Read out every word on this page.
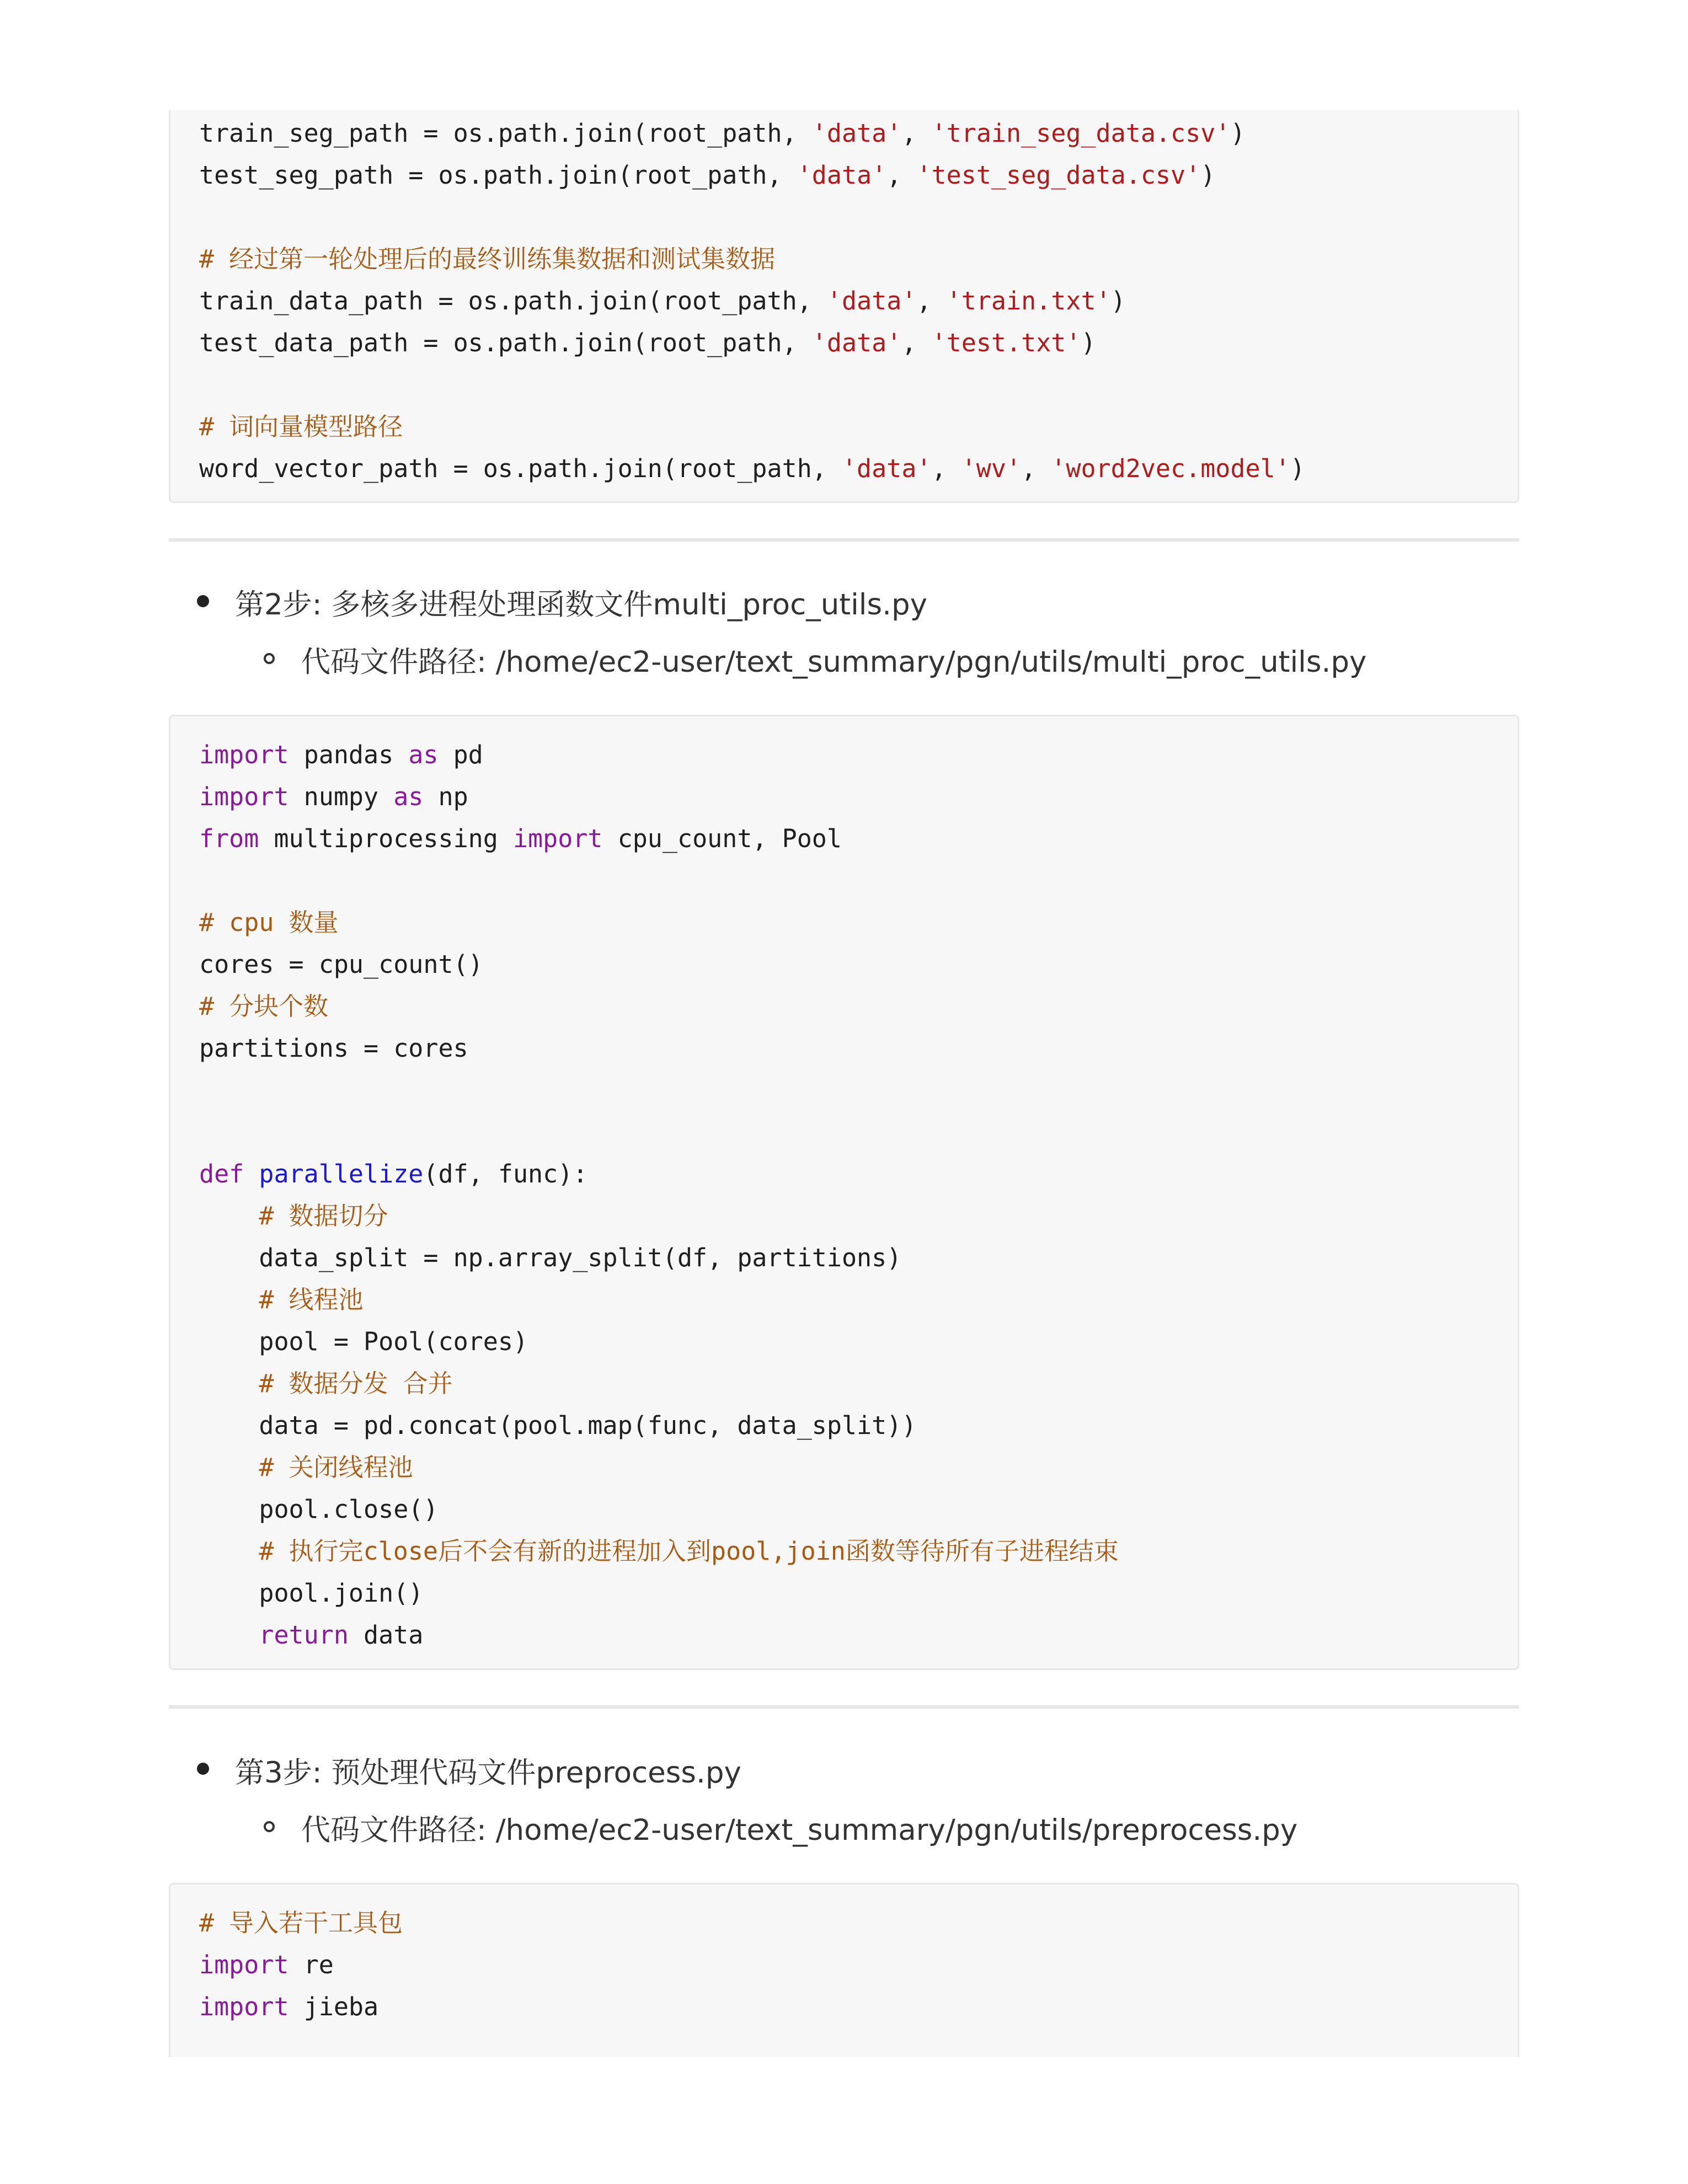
train_seg_path = os.path.join(root_path, 'data', 'train_seg_data.csv')
test_seg_path = os.path.join(root_path, 'data', 'test_seg_data.csv')
# 经过第一轮处理后的最终训练集数据和测试集数据
train_data_path = os.path.join(root_path, 'data', 'train.txt')
test_data_path = os.path.join(root_path, 'data', 'test.txt')
# 词向量模型路径
word_vector_path = os.path.join(root_path, 'data', 'wv', 'word2vec.model')
第2步: 多核多进程处理函数文件multi_proc_utils.py
代码文件路径: /home/ec2-user/text_summary/pgn/utils/multi_proc_utils.py
import pandas as pd
import numpy as np
from multiprocessing import cpu_count, Pool
# cpu 数量
cores = cpu_count()
# 分块个数
partitions = cores
def parallelize(df, func):
# 数据切分
data_split = np.array_split(df, partitions)
# 线程池
pool = Pool(cores)
# 数据分发 合并
data = pd.concat(pool.map(func, data_split))
# 关闭线程池
pool.close()
# 执行完close后不会有新的进程加入到pool,join函数等待所有子进程结束
pool.join()
return data
第3步: 预处理代码文件preprocess.py
代码文件路径: /home/ec2-user/text_summary/pgn/utils/preprocess.py
# 导入若干工具包
import re
import jieba
